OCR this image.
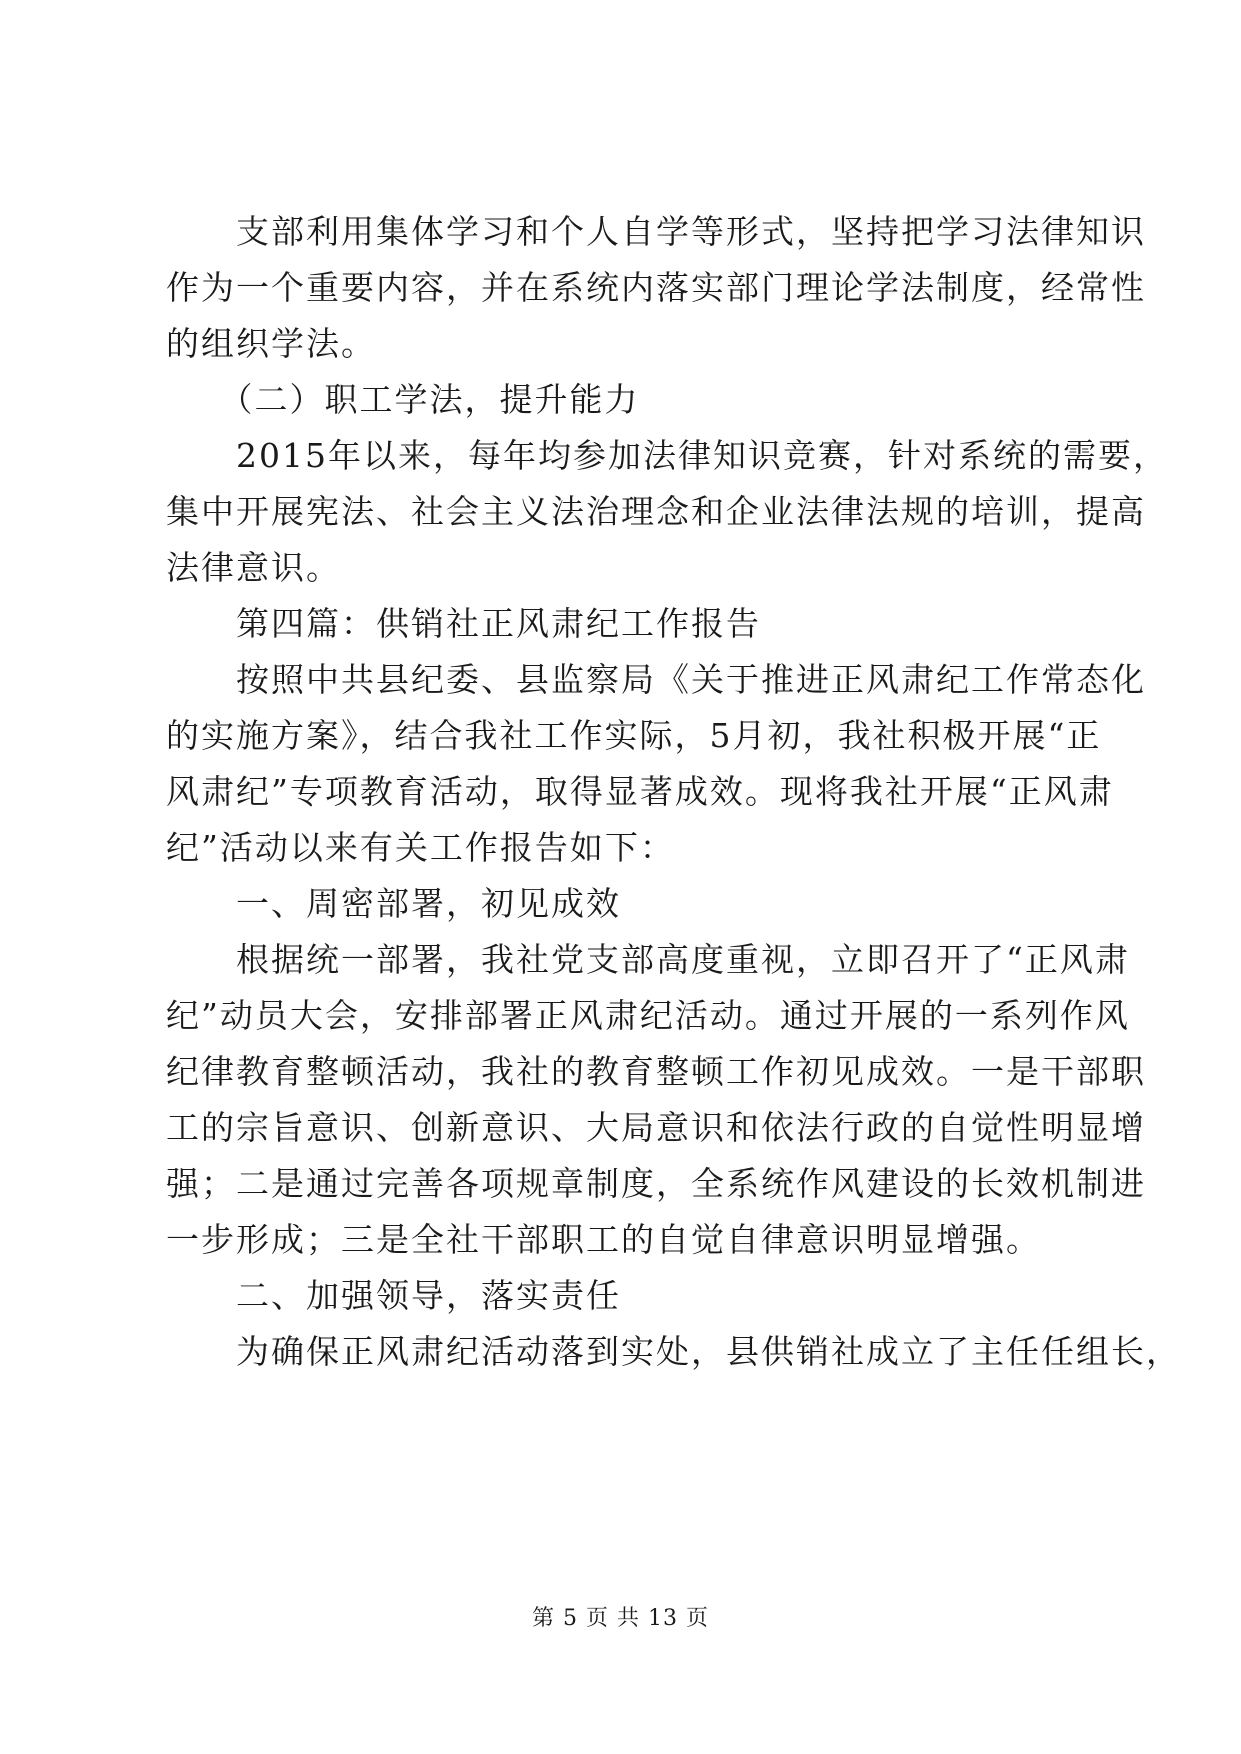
　　支部利用集体学习和个人自学等形式，坚持把学习法律知识
作为一个重要内容，并在系统内落实部门理论学法制度，经常性
的组织学法。
　　（二）职工学法，提升能力
　　2015年以来，每年均参加法律知识竞赛，针对系统的需要，
集中开展宪法、社会主义法治理念和企业法律法规的培训，提高
法律意识。
　　第四篇：供销社正风肃纪工作报告
　　按照中共县纪委、县监察局《关于推进正风肃纪工作常态化
的实施方案》，结合我社工作实际，5月初，我社积极开展“正
风肃纪”专项教育活动，取得显著成效。现将我社开展“正风肃
纪”活动以来有关工作报告如下：
　　一、周密部署，初见成效
　　根据统一部署，我社党支部高度重视，立即召开了“正风肃
纪”动员大会，安排部署正风肃纪活动。通过开展的一系列作风
纪律教育整顿活动，我社的教育整顿工作初见成效。一是干部职
工的宗旨意识、创新意识、大局意识和依法行政的自觉性明显增
强；二是通过完善各项规章制度，全系统作风建设的长效机制进
一步形成；三是全社干部职工的自觉自律意识明显增强。
　　二、加强领导，落实责任
　　为确保正风肃纪活动落到实处，县供销社成立了主任任组长，
第 5 页 共 13 页
